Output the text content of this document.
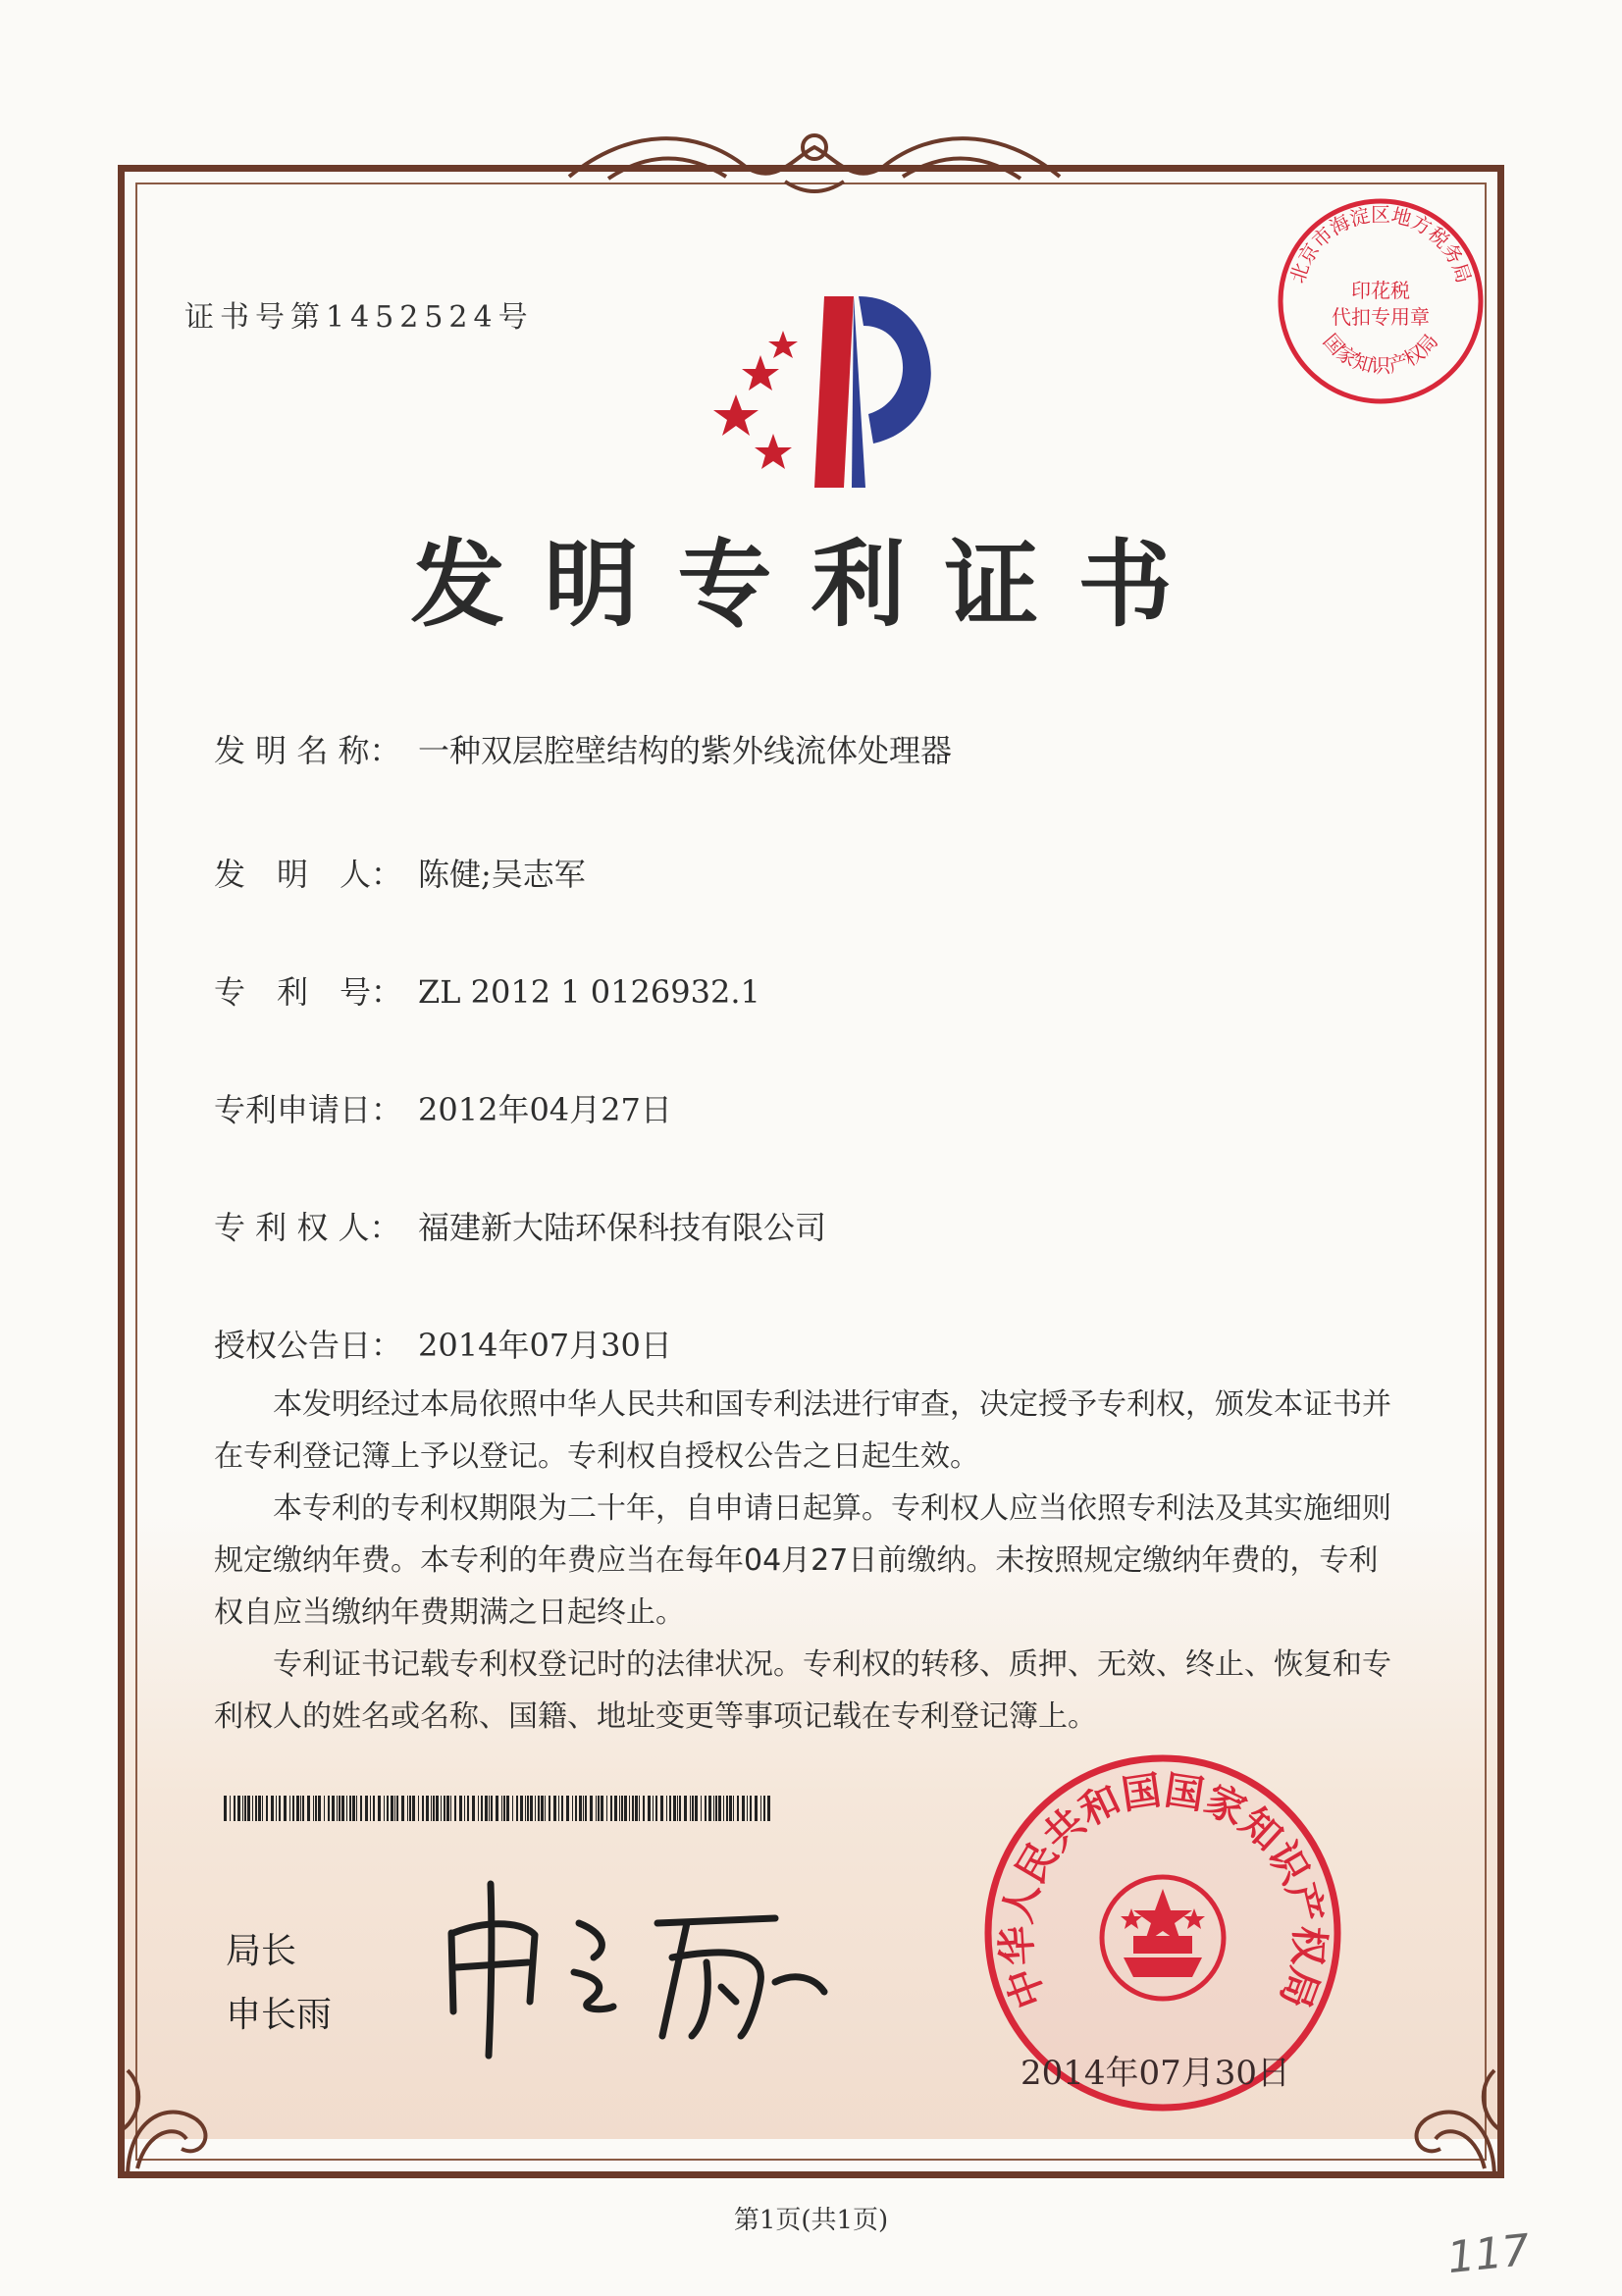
证书号第1452524号
北京市海淀区地方税务局
印花税
代扣专用章
国家知识产权局
发明专利证书
发 明 名 称： 一种双层腔壁结构的紫外线流体处理器
发　明　人： 陈健;吴志军
专　利　号： ZL 2012 1 0126932.1
专利申请日： 2012年04月27日
专 利 权 人： 福建新大陆环保科技有限公司
授权公告日： 2014年07月30日

本发明经过本局依照中华人民共和国专利法进行审查，决定授予专利权，颁发本证书并在专利登记簿上予以登记。专利权自授权公告之日起生效。

本专利的专利权期限为二十年，自申请日起算。专利权人应当依照专利法及其实施细则规定缴纳年费。本专利的年费应当在每年04月27日前缴纳。未按照规定缴纳年费的，专利权自应当缴纳年费期满之日起终止。

专利证书记载专利权登记时的法律状况。专利权的转移、质押、无效、终止、恢复和专利权人的姓名或名称、国籍、地址变更等事项记载在专利登记簿上。

局长
申长雨
中华人民共和国国家知识产权局
2014年07月30日
第1页(共1页)
117
